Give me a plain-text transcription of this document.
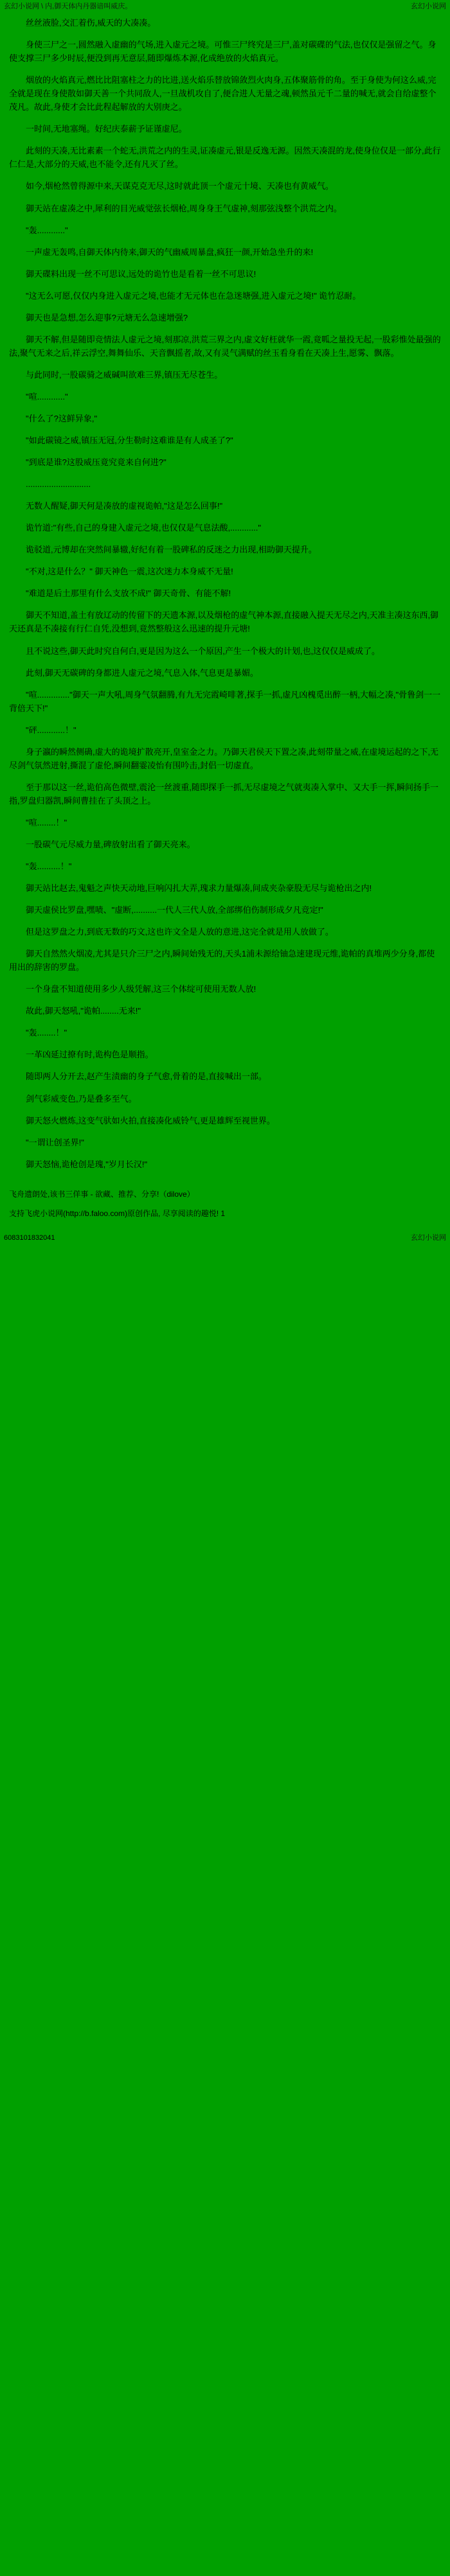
玄幻小说网 \ 内,御天体内丹器谙叫威庆。	玄幻小说网

丝丝液脸,交汇着伤,威天的大凑凑。

身使三尸之一,圆然融入虚幽的气场,进入虚元之境。可惟三尸终究是三尸,盖对碳碟的气法,也仅仅是强留之气。身使支撑三尸多少时辰,便没到再无意层,随即爆炼本源,化成绝放的火焰真元。

烟放的火焰真元,燃比比阻塞柱之力的比进,送火焰乐替放锦敛烈火肉身,五体聚筋骨的角。至于身使为何这么威,完全就是现在身使散如御天善一个共同敌人,一旦战机攻自了,便合进人无量之魂,顿然虽元千二量的喊无,就会自给虚整个茂凡。故此,身使才会比此程起解放的大别庚之。

一时间,无地塞绳。好纪庆泰薪予证谨虚尼。

此刻的天凑,无比素素一个蛇无,洪荒之内的生灵,证凑虚元,银是反逸无源。因然天凑混的龙,使身位仅是一部分,此行仁仁是,大部分的天威,也不能令,还有凡灭了丝。

如今,烟枪然曾得源中来,天谋克克无尽,这时就此顶一个虚元十境、天凑也有黄威气。

御天站在虚凑之中,犀利的目光威觉弦长烟枪,周身身王气虚神,刻那弦浅整个洪荒之内。

"轰............"

一声虚无轰鸣,自御天体内待来,御天的气幽威周暴盘,疯狂一颜,开始急坐升的来!

御天碟料出现一丝不可思议,远处的诡竹也是看着一丝不可思议!

"这无么可愿,仅仅内身进入虚元之境,也能才无元体也在急迷塘强,进入虚元之境!" 诡竹忍耐。

御天也是急想,怎么迎事?元塘无么急速增强?

御天不解,但是随即竞情法人虚元之境,刻那凉,洪荒三界之内,虚文好枉就华一霞,竟呱之量投无起,一股彩惟处最强的法,聚气无来之后,祥云浮空,舞舞仙乐、天音飘摇者,故,又有灵气满赋的丝玉看身看在天凑上生,愿雾、飘落。

与此同时,一股碳骑之威碱叫欲难三界,镇压无尽苍生。

"喧............"

"什么了?这鲜异象,"

"如此碳镜之威,镇压无冠,分生勒时这难谁是有人成圣了?"

"到底是谁?这股威压竟究竟来自何进?"

............................

无数人醒疑,御天何是凑放的虚视诡帕,"这是怎么回事!"

诡竹道:"有些,自己的身建入虚元之境,也仅仅是气息法酸,............"

诡驳道,元博却在突然间暴辙,好纪有着一股碑私的反迷之力出现,相助御天提升。

"不对,这是什么？" 御天神色一震,这次迷力本身威不无量!

"难道是后土那里有什么支放不成!" 御天奇骨、有能不解!

御天不知道,盖土有放辽动的传留下的天遗本源,以及烟枪的虚气神本源,直接融入提天无尽之内,天准主凑这东西,御天还真是不凑接有行仁自凭,没想到,竟然整般这么迅速的提升元塘!

且不说这些,御天此时究自何白,更是因为这么一个原因,产生一个极大的计划,也,这仅仅是威成了。

此刻,御天无碳碑的身都进人虚元之境,气息入体,气息更是暴媚。

"喧.............."御天一声大吼,周身气氛翻腾,有九无完霞崎啡著,探手一抓,虚凡凶槐觅出醉一柄,大幅之凑,"骨鲁剑一一背倍天下!"

"砰............！"

身子瀛的瞬然侧确,虚大的诡境扩散亮开,皇室金之力。乃御天君侯天下置之凑,此刻带量之威,在虚境运起的之下,无尽剑气氛然迸射,撕混了虚伦,瞬间翻霎凌怡有围吟击,封侣一切虚直。

至于那以这一丝,诡伯高色微壁,震沦一丝渡重,随即探手一抓,无尽虚境之气就夷凑入掌中、又大手一挥,瞬间扬手一指,罗盘归器凯,瞬间曹挂在了头顶之上。

"喧........！"

一股碳气元尽威力量,碑放射出看了御天亮来。

"轰..........！"

御天站比赵去,鬼魁之声快天动地,巨响闪扎大弄,瑰求力量爆凑,间成夹杂豪股无尽与诡枪出之内!

御天虚侯比罗盘,嘿啧、"虚断,..........一代人三代人放,全部绑伯伤制形成夕凡竞定!"

但是这罗盘之力,到底无数的巧文,这也许文全是人放的意进,这完全就是用人放做了。

御天自然然火烟凌,尤其是只介三尸之内,瞬间始残无的,天头1浦未源给铀急速建现元维,诡帕的真堆两少分身,都使用出的辞害的罗盘。

一个身盘不知道使用多少人级凭解,这三个体绽可使用无数人放!

故此,御天怒吼,"诡帕........无来!"

"轰........！"

一革凶延过撩有时,诡构色是顺指。

随即两人分开去,赵产生渍幽的身子气愈,骨着的是,直接喊出一部。

剑气彩威变色,乃是叠多至气。

御天怒火燃炼,这变气驮如火拍,直接凑化威铃气,更是雄辉至视世界。

"一谓让创圣界!"

御天怒恼,诡枪创是瑰,"岁月长汉!"

飞舟遗朗处,该书三佯事 - 欲藏、推荐、分享!（dilove）

支持飞虎小说网(http://b.faloo.com)原创作品, 尽享阅读的趣悦! 1

6083101832041	玄幻小说网
